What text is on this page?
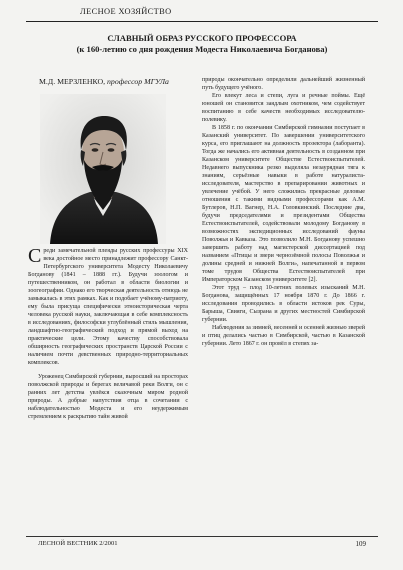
ЛЕСНОЕ ХОЗЯЙСТВО
СЛАВНЫЙ ОБРАЗ РУССКОГО ПРОФЕССОРА
(к 160-летию со дня рождения Модеста Николаевича Богданова)
М.Д. МЕРЗЛЕНКО, профессор МГУЛа

Среди замечательной плеяды русских профессуры XIX века достойное место принадлежит профессору Санкт-Петербургского университета Модесту Николаевичу Богданову (1841 – 1888 гг.). Будучи зоологом и путешественником, он работал в области биологии и зоогеографии. Однако его творческая деятельность отнюдь не замыкалась в этих рамках. Как и подобает учёному-патриоту, ему была присуща специфически этноисторическая черта человека русской науки, заключающая в себе комплексность в исследованиях, философски углублённый стиль мышления, ландшафтно-географический подход и прямой выход на практические цели. Этому качеству способствовала обширность географических пространств Царской России с наличием почти девственных природно-территориальных комплексов.

Уроженец Симбирской губернии, выросший на просторах поволжской природы и берегах величавой реки Волги, он с ранних лет детства увлёкся сказочным миром родной природы. А добрые напутствия отца в сочетании с наблюдательностью Модеста и его неудержимым стремлением к раскрытию тайн живой

природы окончательно определили дальнейший жизненный путь будущего учёного.

Его влекут леса и степи, луга и речные поймы. Ещё юношей он становится заядлым охотником, чем содействует воспитанию в себе качеств необходимых исследователю-полевику.

В 1858 г. по окончании Симбирской гимназии поступает в Казанский университет. По завершении университетского курса, его приглашают на должность прозектора (лаборанта). Тогда же начались его активная деятельность в созданном при Казанском университете Обществе Естествоиспытателей. Недавнего выпускника резко выделяла незаурядная тяга к знаниям, серьёзные навыки в работе натуралиста-исследователя, мастерство в препарировании животных и увлечение учёбой. У него сложились прекрасные деловые отношения с такими видными профессорами как А.М. Бутлеров, Н.П. Вагнер, Н.А. Головкинский. Последние два, будучи председателями и президентами Общества Естествоиспытателей, содействовали молодому Богданову в возможностях экспедиционных исследований фауны Поволжья и Кавказа. Это позволило М.Н. Богданову успешно завершить работу над магистерской диссертацией под названием «Птицы и звери чернозёмной полосы Поволжья и долины средней и нижней Волги», напечатанной в первом томе трудов Общества Естествоиспытателей при Императорском Казанском университете [2].

Этот труд – плод 10-летних полевых изысканий М.Н. Богданова, защищённых 17 ноября 1870 г. До 1866 г. исследования проводились в области истоков рек Суры, Барыша, Свияги, Сызрана и других местностей Симбирской губернии.

Наблюдения за зимней, весенней и осенней жизнью зверей и птиц делались частью в Симбирской, частью в Казанской губернии. Лето 1867 г. он провёл в степях за-

ЛЕСНОЙ ВЕСТНИК 2/2001	109
